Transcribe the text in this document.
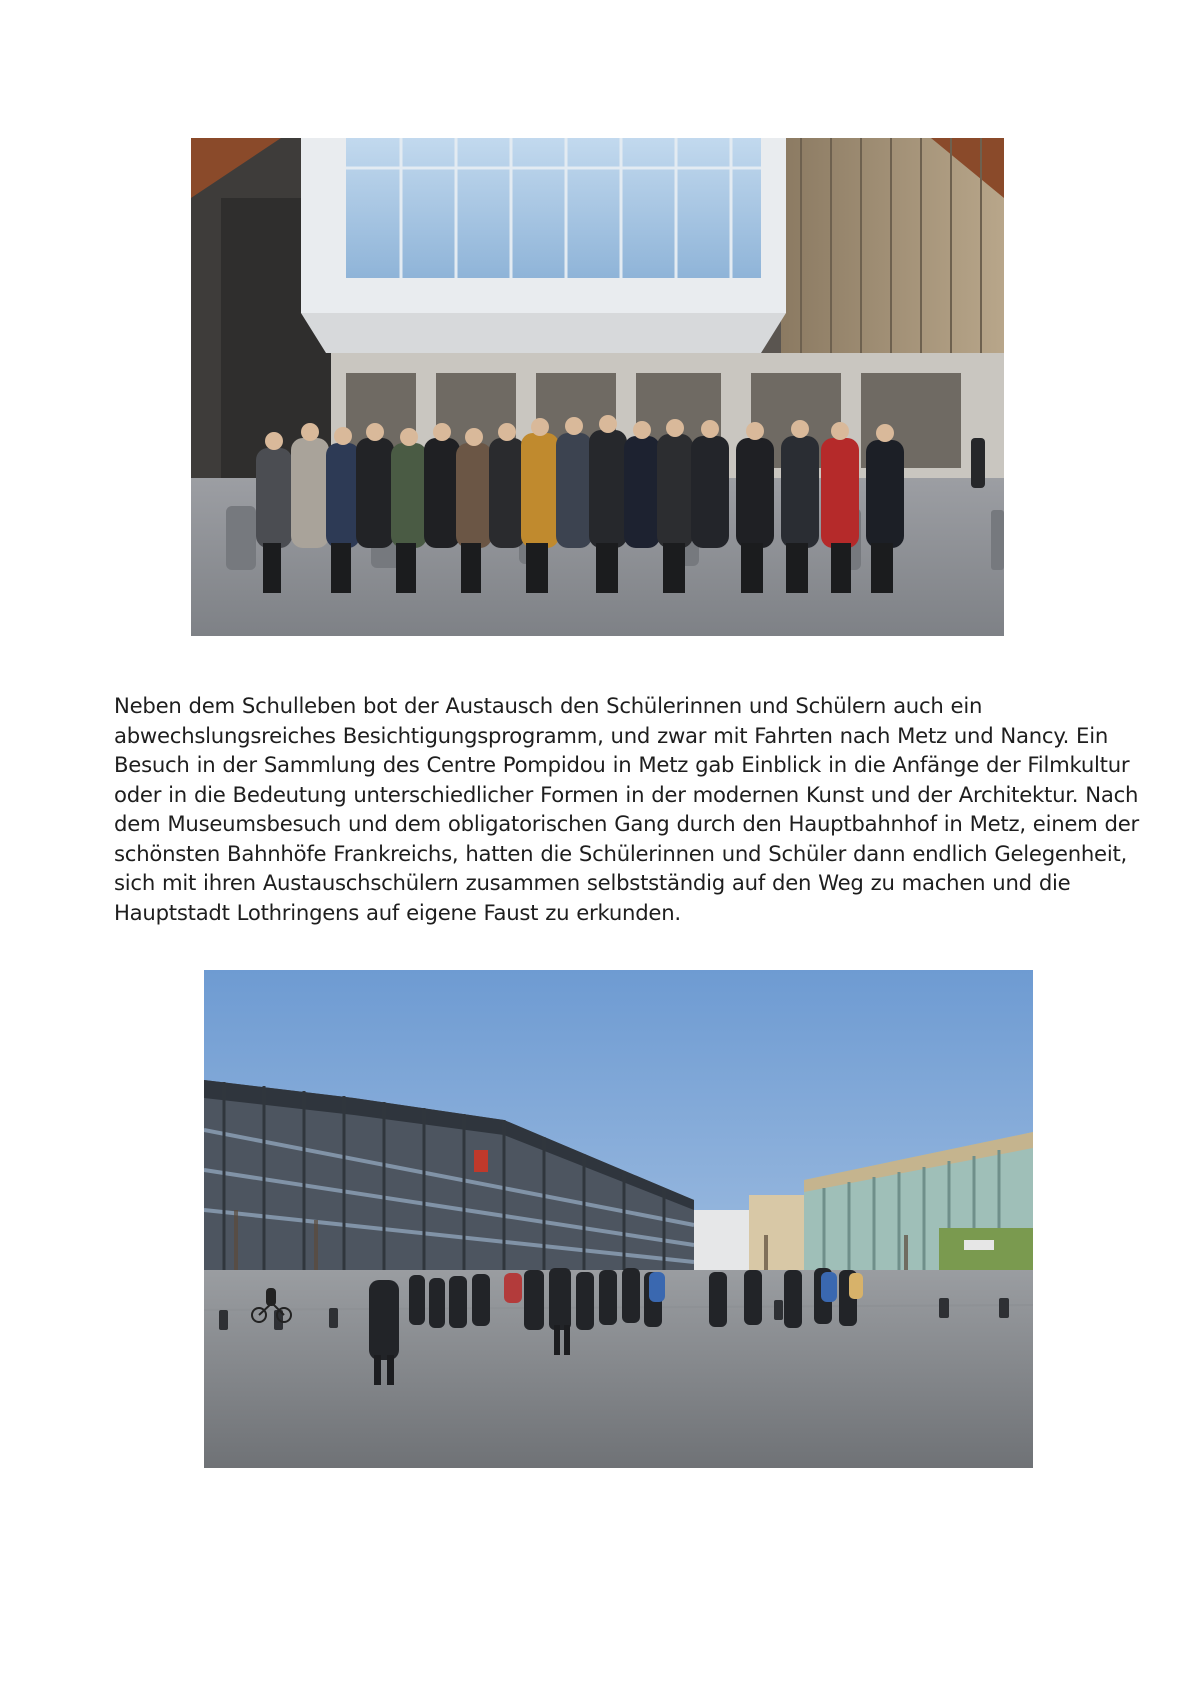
Neben dem Schulleben bot der Austausch den Schülerinnen und Schülern auch ein
abwechslungsreiches Besichtigungsprogramm, und zwar mit Fahrten nach Metz und Nancy. Ein
Besuch in der Sammlung des Centre Pompidou in Metz gab Einblick in die Anfänge der Filmkultur
oder in die Bedeutung unterschiedlicher Formen in der modernen Kunst und der Architektur. Nach
dem Museumsbesuch und dem obligatorischen Gang durch den Hauptbahnhof in Metz, einem der
schönsten Bahnhöfe Frankreichs, hatten die Schülerinnen und Schüler dann endlich Gelegenheit,
sich mit ihren Austauschschülern zusammen selbstständig auf den Weg zu machen und die
Hauptstadt Lothringens auf eigene Faust zu erkunden.
